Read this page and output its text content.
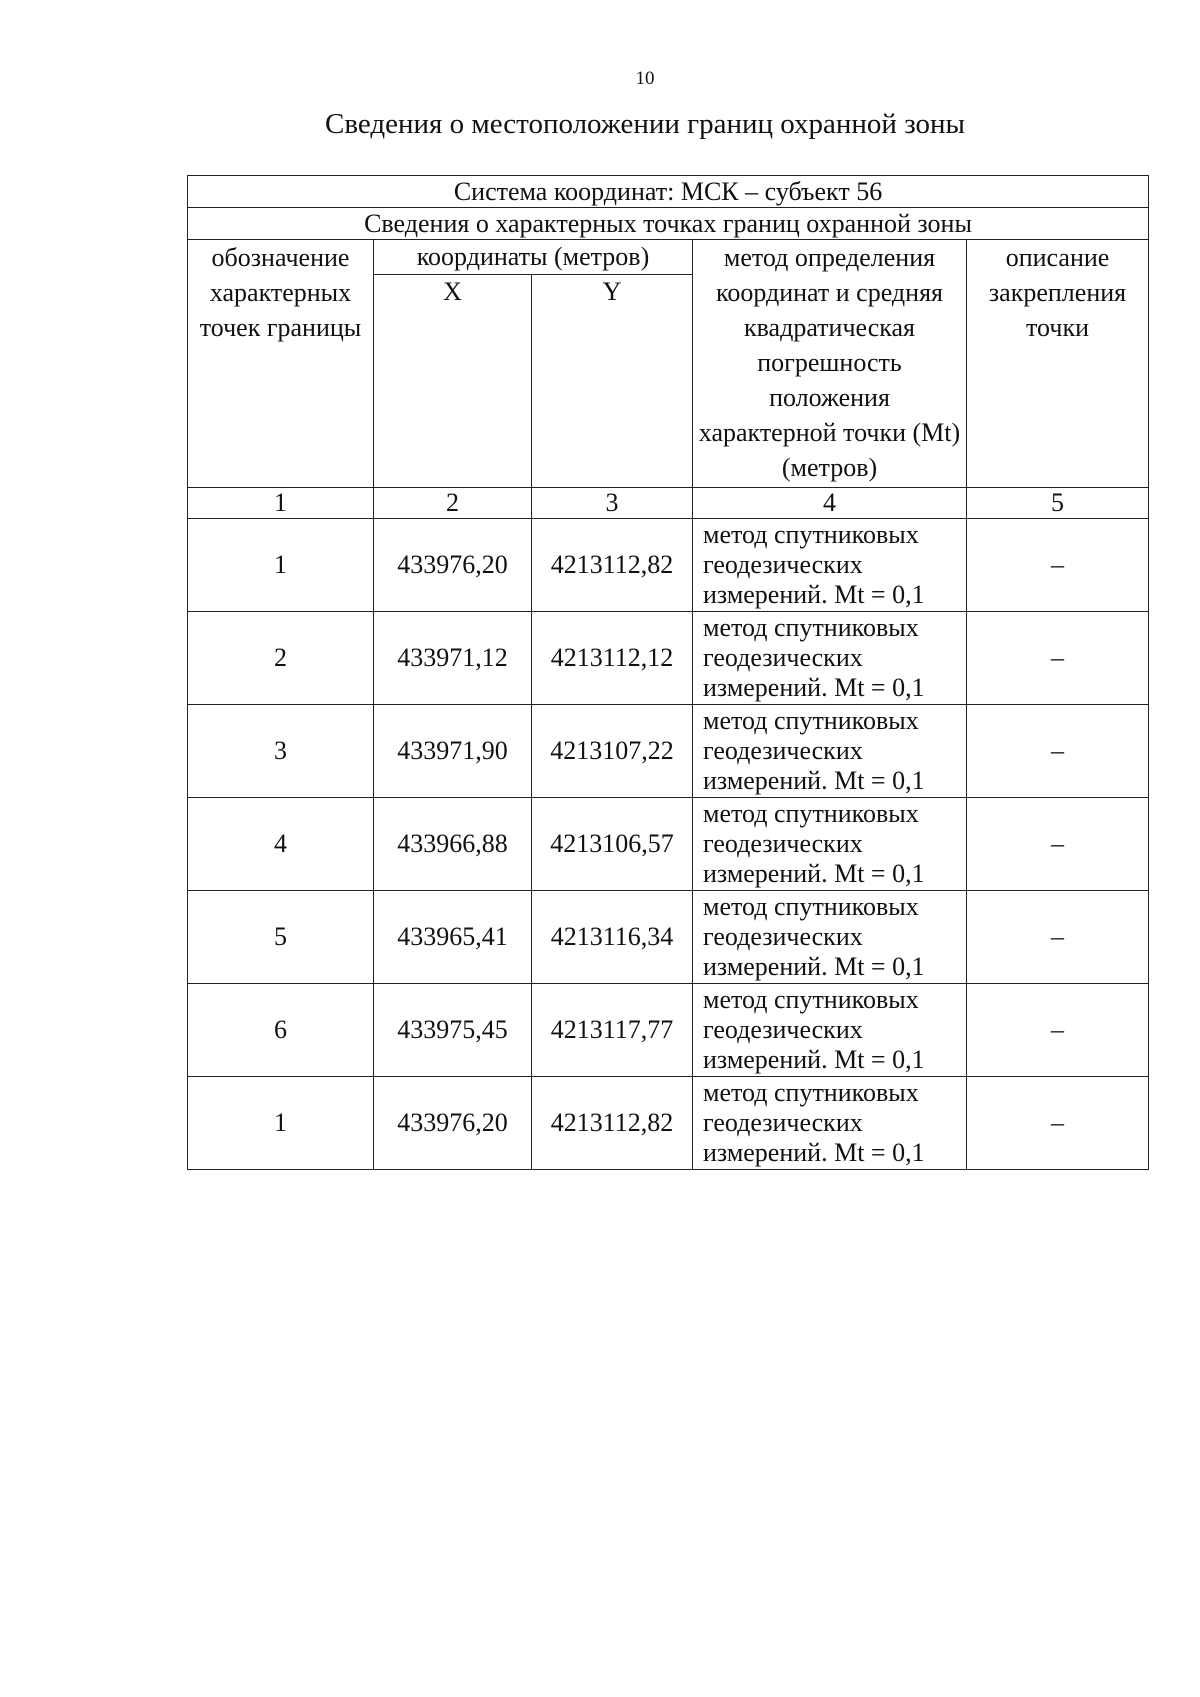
10
Сведения о местоположении границ охранной зоны
Система координат: МСК – субъект 56				
Сведения о характерных точках границ охранной зоны				
обозначение характерных точек границы	координаты (метров)		метод определения координат и средняя квадратическая погрешность положения характерной точки (Mt) (метров)	описание закрепления точки
	X	Y		
1	2	3	4	5
1	433976,20	4213112,82	метод спутниковых геодезических измерений. Mt = 0,1	–
2	433971,12	4213112,12	метод спутниковых геодезических измерений. Mt = 0,1	–
3	433971,90	4213107,22	метод спутниковых геодезических измерений. Mt = 0,1	–
4	433966,88	4213106,57	метод спутниковых геодезических измерений. Mt = 0,1	–
5	433965,41	4213116,34	метод спутниковых геодезических измерений. Mt = 0,1	–
6	433975,45	4213117,77	метод спутниковых геодезических измерений. Mt = 0,1	–
1	433976,20	4213112,82	метод спутниковых геодезических измерений. Mt = 0,1	–
